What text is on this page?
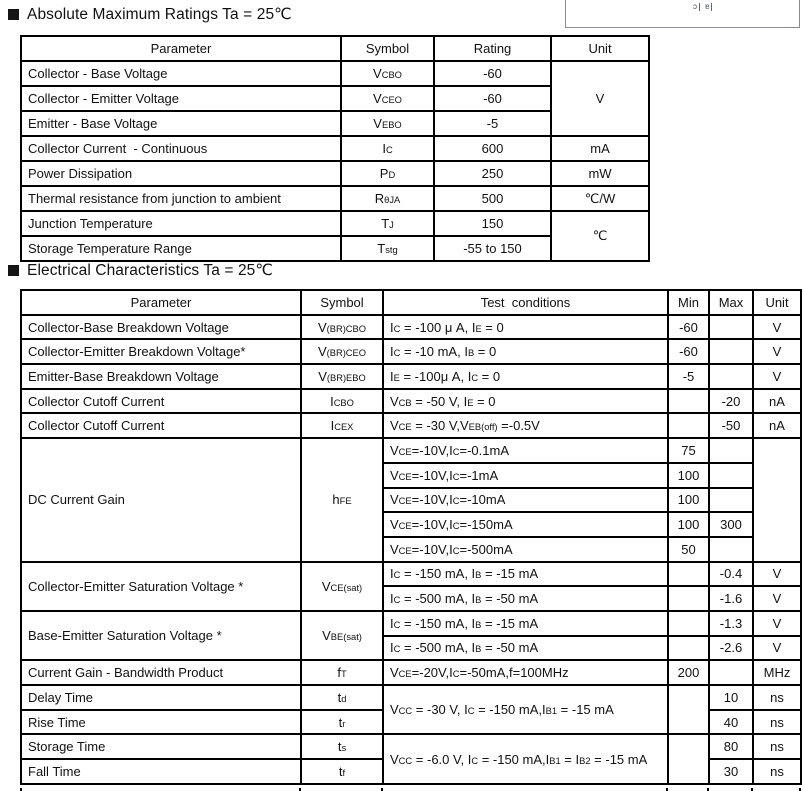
ɔ	ɐ
Absolute Maximum Ratings Ta = 25℃
Parameter	Symbol	Rating	Unit
Collector - Base Voltage	VCBO	-60	V
Collector - Emitter Voltage	VCEO	-60	
Emitter - Base Voltage	VEBO	-5	
Collector Current  - Continuous	IC	600	mA
Power Dissipation	PD	250	mW
Thermal resistance from junction to ambient	RθJA	500	℃/W
Junction Temperature	TJ	150	℃
Storage Temperature Range	Tstg	-55 to 150	
Electrical Characteristics Ta = 25℃
Parameter	Symbol	Test  conditions	Min	Max	Unit
Collector-Base Breakdown Voltage	V(BR)CBO	IC = -100 μ A, IE = 0	-60		V
Collector-Emitter Breakdown Voltage*	V(BR)CEO	IC = -10 mA, IB = 0	-60		V
Emitter-Base Breakdown Voltage	V(BR)EBO	IE = -100μ A, IC = 0	-5		V
Collector Cutoff Current	ICBO	VCB = -50 V, IE = 0		-20	nA
Collector Cutoff Current	ICEX	VCE = -30 V,VEB(off) =-0.5V		-50	nA
DC Current Gain	hFE	VCE=-10V,IC=-0.1mA	75		
		VCE=-10V,IC=-1mA	100		
		VCE=-10V,IC=-10mA	100		
		VCE=-10V,IC=-150mA	100	300	
		VCE=-10V,IC=-500mA	50		
Collector-Emitter Saturation Voltage *	VCE(sat)	IC = -150 mA, IB = -15 mA		-0.4	V
		IC = -500 mA, IB = -50 mA		-1.6	V
Base-Emitter Saturation Voltage *	VBE(sat)	IC = -150 mA, IB = -15 mA		-1.3	V
		IC = -500 mA, IB = -50 mA		-2.6	V
Current Gain - Bandwidth Product	fT	VCE=-20V,IC=-50mA,f=100MHz	200		MHz
Delay Time	td	VCC = -30 V, IC = -150 mA,IB1 = -15 mA		10	ns
Rise Time	tr			40	ns
Storage Time	ts	VCC = -6.0 V, IC = -150 mA,IB1 = IB2 = -15 mA		80	ns
Fall Time	tf			30	ns
